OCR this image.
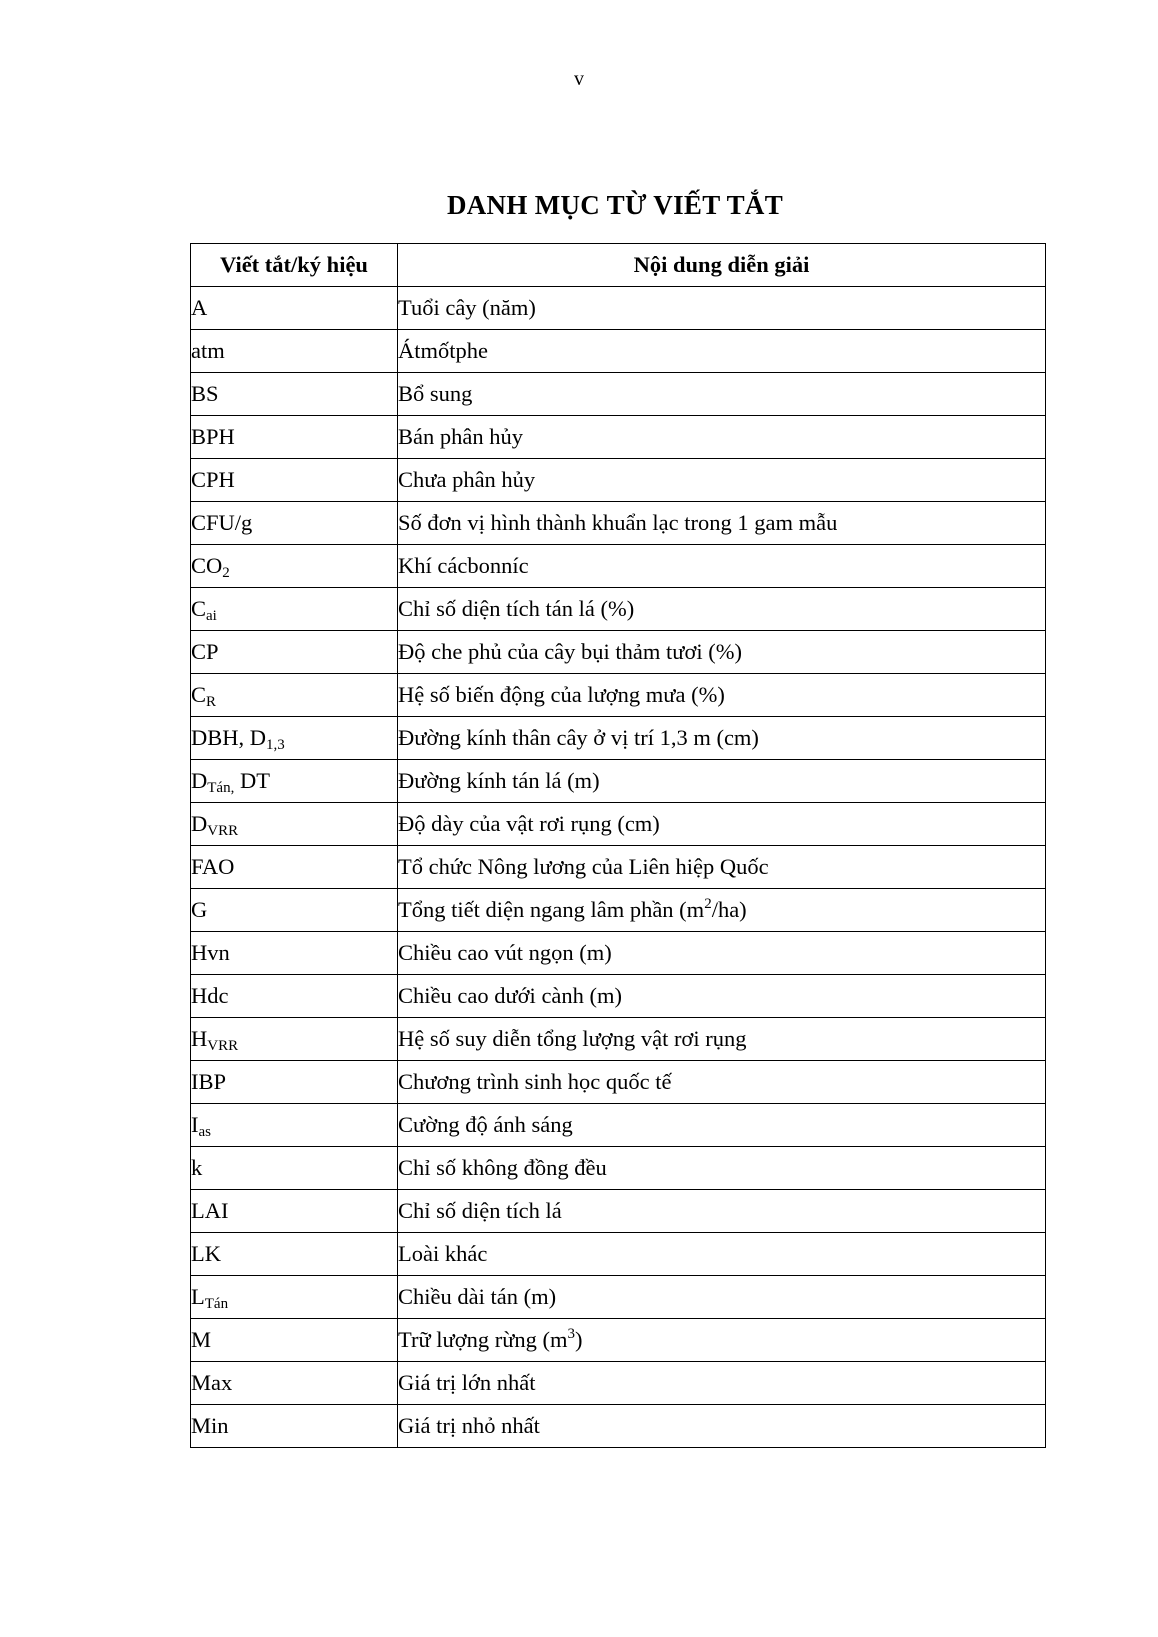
v
DANH MỤC TỪ VIẾT TẮT
Viết tắt/ký hiệu	Nội dung diễn giải
A	Tuổi cây (năm)
atm	Átmốtphe
BS	Bổ sung
BPH	Bán phân hủy
CPH	Chưa phân hủy
CFU/g	Số đơn vị hình thành khuẩn lạc trong 1 gam mẫu
$CO_2$	Khí cácbonníc
$C_{ai}$	Chỉ số diện tích tán lá (%)
CP	Độ che phủ của cây bụi thảm tươi (%)
$C_R$	Hệ số biến động của lượng mưa (%)
DBH, $D_{1,3}$	Đường kính thân cây ở vị trí 1,3 m (cm)
$D_{Tán,}$ DT	Đường kính tán lá (m)
$D_{VRR}$	Độ dày của vật rơi rụng (cm)
FAO	Tổ chức Nông lương của Liên hiệp Quốc
G	Tổng tiết diện ngang lâm phần $(m^2/ha)$
Hvn	Chiều cao vút ngọn (m)
Hdc	Chiều cao dưới cành (m)
$H_{VRR}$	Hệ số suy diễn tổng lượng vật rơi rụng
IBP	Chương trình sinh học quốc tế
$I_{as}$	Cường độ ánh sáng
k	Chỉ số không đồng đều
LAI	Chỉ số diện tích lá
LK	Loài khác
$L_{Tán}$	Chiều dài tán (m)
M	Trữ lượng rừng $(m^3)$
Max	Giá trị lớn nhất
Min	Giá trị nhỏ nhất
